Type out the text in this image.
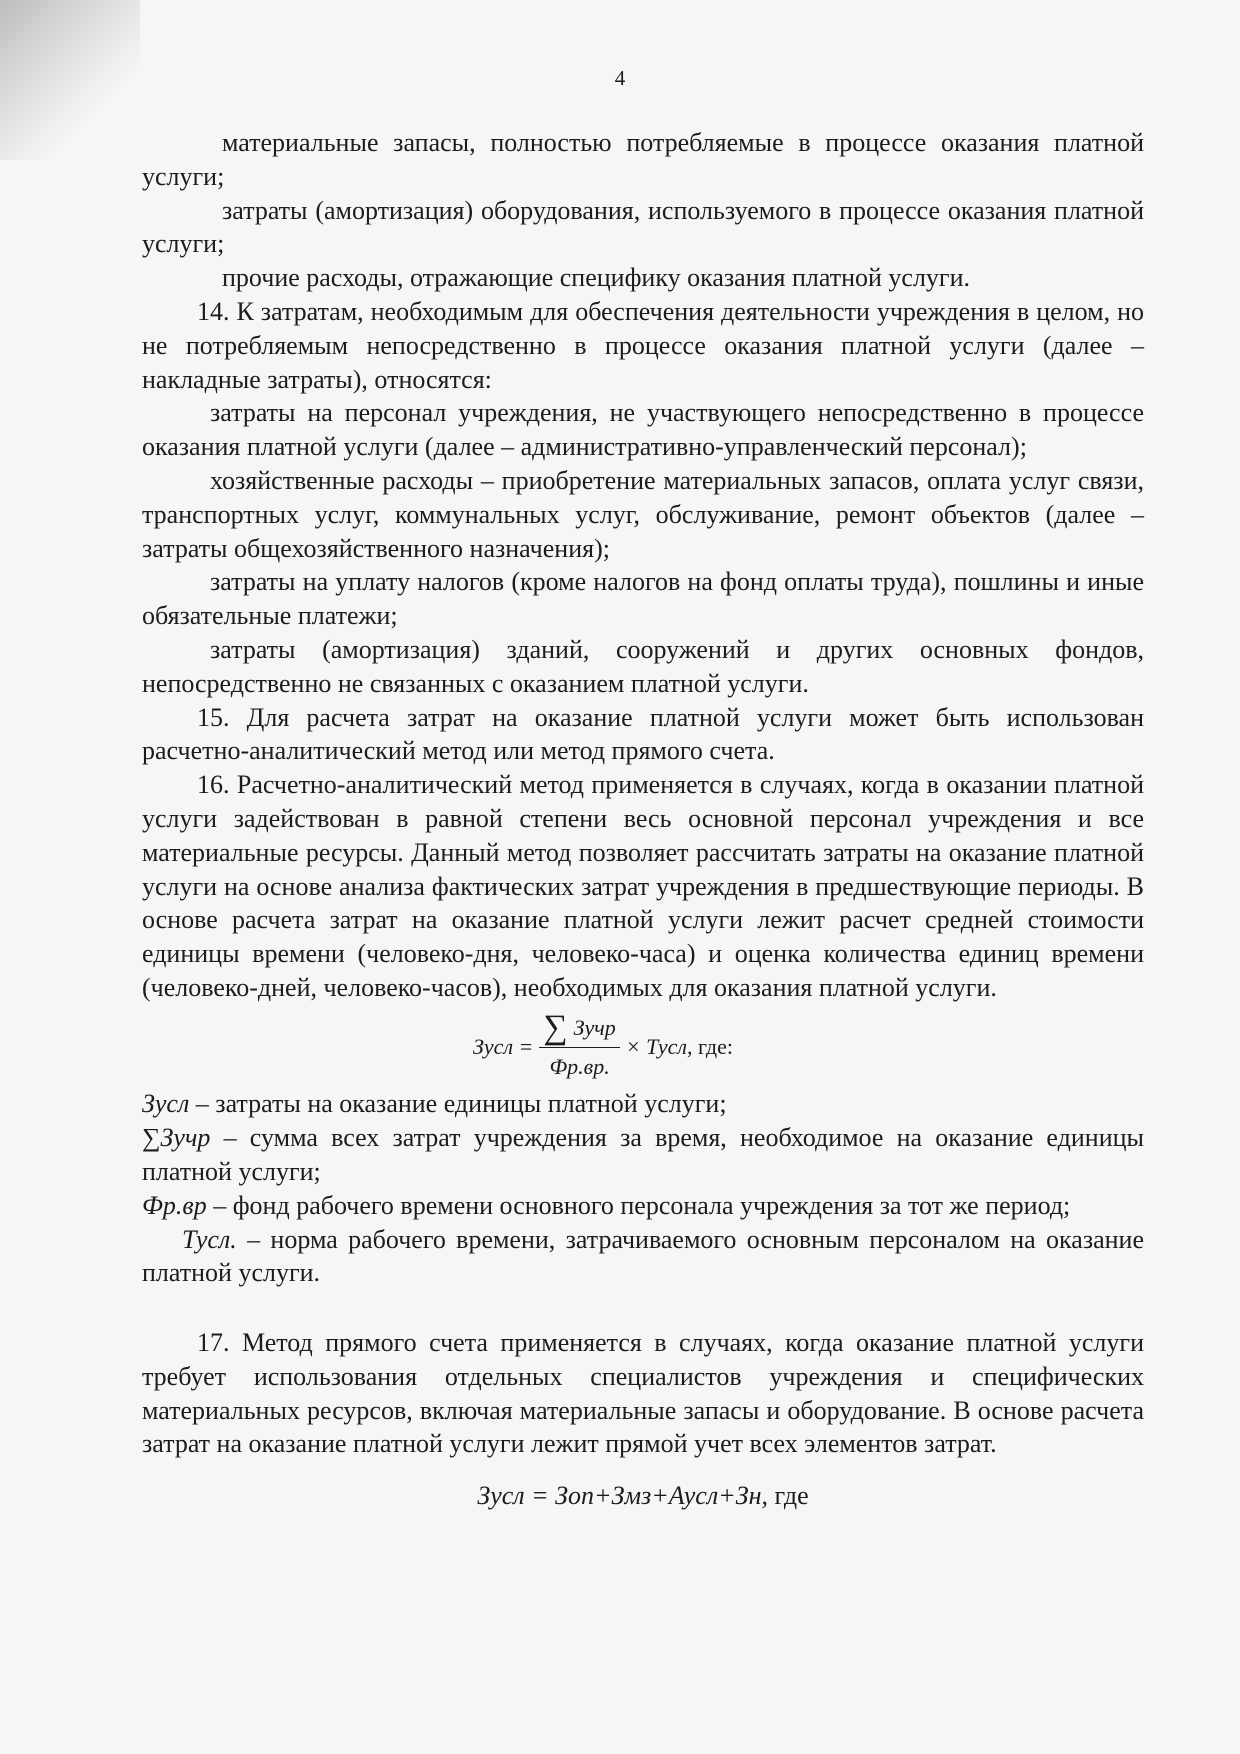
4

материальные запасы, полностью потребляемые в процессе оказания платной услуги;

затраты (амортизация) оборудования, используемого в процессе оказания платной услуги;

прочие расходы, отражающие специфику оказания платной услуги.

14. К затратам, необходимым для обеспечения деятельности учреждения в целом, но не потребляемым непосредственно в процессе оказания платной услуги (далее – накладные затраты), относятся:

затраты на персонал учреждения, не участвующего непосредственно в процессе оказания платной услуги (далее – административно-управленческий персонал);

хозяйственные расходы – приобретение материальных запасов, оплата услуг связи, транспортных услуг, коммунальных услуг, обслуживание, ремонт объектов (далее – затраты общехозяйственного назначения);

затраты на уплату налогов (кроме налогов на фонд оплаты труда), пошлины и иные обязательные платежи;

затраты (амортизация) зданий, сооружений и других основных фондов, непосредственно не связанных с оказанием платной услуги.

15. Для расчета затрат на оказание платной услуги может быть использован расчетно-аналитический метод или метод прямого счета.

16. Расчетно-аналитический метод применяется в случаях, когда в оказании платной услуги задействован в равной степени весь основной персонал учреждения и все материальные ресурсы. Данный метод позволяет рассчитать затраты на оказание платной услуги на основе анализа фактических затрат учреждения в предшествующие периоды. В основе расчета затрат на оказание платной услуги лежит расчет средней стоимости единицы времени (человеко-дня, человеко-часа) и оценка количества единиц времени (человеко-дней, человеко-часов), необходимых для оказания платной услуги.

Зусл = $\frac{\text{∑ Зучр}}{Фр.вр.}$ × Тусл , где:

Зусл – затраты на оказание единицы платной услуги;

∑Зучр – сумма всех затрат учреждения за время, необходимое на оказание единицы платной услуги;

Фр.вр – фонд рабочего времени основного персонала учреждения за тот же период;

Тусл. – норма рабочего времени, затрачиваемого основным персоналом на оказание платной услуги.

17. Метод прямого счета применяется в случаях, когда оказание платной услуги требует использования отдельных специалистов учреждения и специфических материальных ресурсов, включая материальные запасы и оборудование. В основе расчета затрат на оказание платной услуги лежит прямой учет всех элементов затрат.

Зусл = Зоп+Змз+Аусл+Зн, где
